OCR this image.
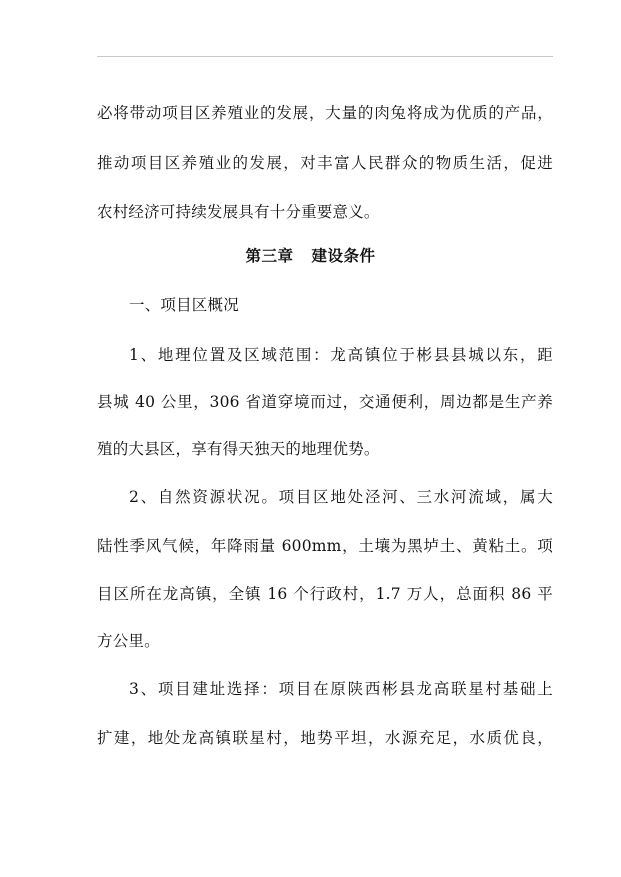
必将带动项目区养殖业的发展，大量的肉兔将成为优质的产品，
推动项目区养殖业的发展，对丰富人民群众的物质生活，促进
农村经济可持续发展具有十分重要意义。
第三章 建设条件
一、项目区概况
1、地理位置及区域范围：龙高镇位于彬县县城以东，距
县城 40 公里，306 省道穿境而过，交通便利，周边都是生产养
殖的大县区，享有得天独天的地理优势。
2、自然资源状况。项目区地处泾河、三水河流域，属大
陆性季风气候，年降雨量 600mm，土壤为黑垆土、黄粘土。项
目区所在龙高镇，全镇 16 个行政村，1.7 万人，总面积 86 平
方公里。
3、项目建址选择：项目在原陕西彬县龙高联星村基础上
扩建，地处龙高镇联星村，地势平坦，水源充足，水质优良，
